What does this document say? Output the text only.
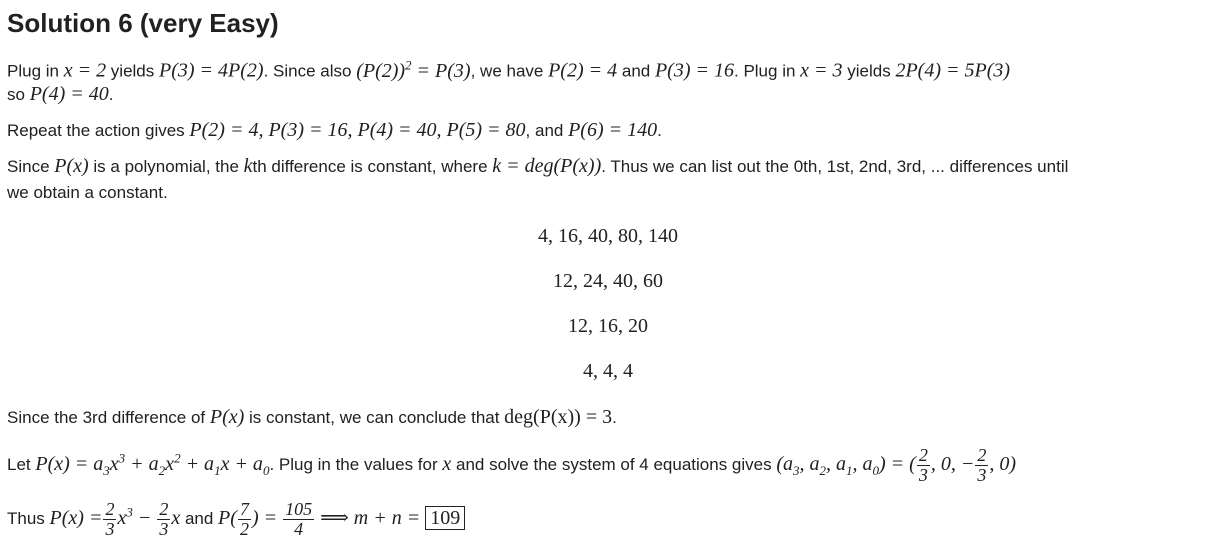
Solution 6 (very Easy)
Plug in x = 2 yields P(3) = 4P(2). Since also $(P(2))^2 = P(3)$, we have P(2) = 4 and P(3) = 16. Plug in x = 3 yields 2P(4) = 5P(3)
so P(4) = 40.
Repeat the action gives P(2) = 4, P(3) = 16, P(4) = 40, P(5) = 80, and P(6) = 140.
Since P(x) is a polynomial, the kth difference is constant, where k = deg(P(x)). Thus we can list out the 0th, 1st, 2nd, 3rd, ... differences until
we obtain a constant.
4, 16, 40, 80, 140
12, 24, 40, 60
12, 16, 20
4, 4, 4
Since the 3rd difference of P(x) is constant, we can conclude that deg(P(x)) = 3.
Let $P(x) = a_3x^3 + a_2x^2 + a_1x + a_0$. Plug in the values for x and solve the system of 4 equations gives ($a_3$, $a_2$, $a_1$, $a_0$) = ( $\frac{2}{3}$ , 0, − $\frac{2}{3}$ , 0)
Thus $P(x) = \frac{2}{3} x^3 - \frac{2}{3}$ x and $P( \frac{7}{2}$ ) = $\frac{105}{4}$ ⟹ m + n = 109
